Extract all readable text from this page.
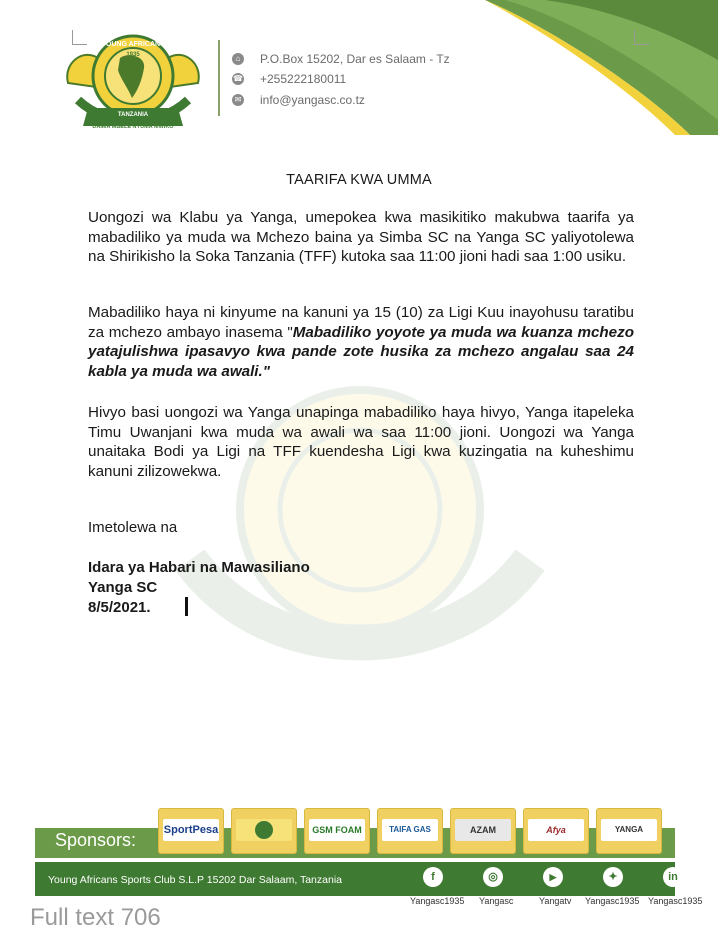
YOUNG AFRICANS
1935
TANZANIA
DAIMA MBELE NYUMA MWIKO
⌂ P.O.Box 15202, Dar es Salaam - Tz
☎ +255222180011
✉ info@yangasc.co.tz
TAARIFA KWA UMMA
Uongozi wa Klabu ya Yanga, umepokea kwa masikitiko makubwa taarifa ya mabadiliko ya muda wa Mchezo baina ya Simba SC na Yanga SC yaliyotolewa na Shirikisho la Soka Tanzania (TFF) kutoka saa 11:00 jioni hadi saa 1:00 usiku.
Mabadiliko haya ni kinyume na kanuni ya 15 (10) za Ligi Kuu inayohusu taratibu za mchezo ambayo inasema "Mabadiliko yoyote ya muda wa kuanza mchezo yatajulishwa ipasavyo kwa pande zote husika za mchezo angalau saa 24 kabla ya muda wa awali."
Hivyo basi uongozi wa Yanga unapinga mabadiliko haya hivyo, Yanga itapeleka Timu Uwanjani kwa muda wa awali wa saa 11:00 jioni. Uongozi wa Yanga unaitaka Bodi ya Ligi na TFF kuendesha Ligi kwa kuzingatia na kuheshimu kanuni zilizowekwa.
Imetolewa na
Idara ya Habari na Mawasiliano
Yanga SC
8/5/2021.
Sponsors:	SportPesa	GSM FOAM	TAIFA GAS	AZAM	Afya	YANGA
Young Africans Sports Club S.L.P 15202 Dar Salaam, Tanzania	f	◎	▶	✦	in
Yangasc1935 Yangasc	Yangatv Yangasc1935 Yangasc1935
Full text 706
